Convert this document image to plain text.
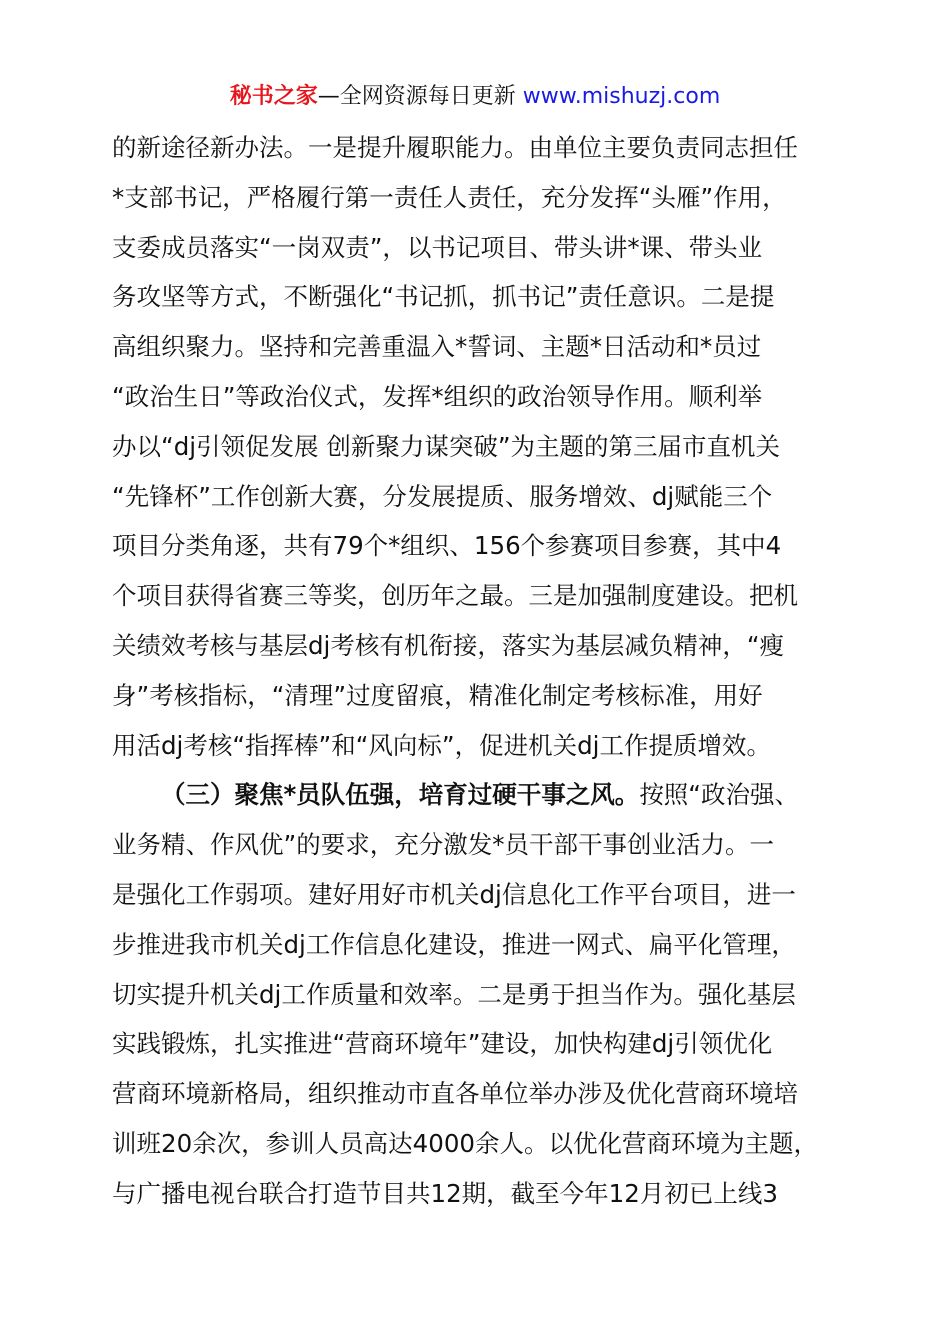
秘书之家—全网资源每日更新 www.mishuzj.com
的新途径新办法。一是提升履职能力。由单位主要负责同志担任
*支部书记，严格履行第一责任人责任，充分发挥“头雁”作用，
支委成员落实“一岗双责”，以书记项目、带头讲*课、带头业
务攻坚等方式，不断强化“书记抓，抓书记”责任意识。二是提
高组织聚力。坚持和完善重温入*誓词、主题*日活动和*员过
“政治生日”等政治仪式，发挥*组织的政治领导作用。顺利举
办以“dj引领促发展 创新聚力谋突破”为主题的第三届市直机关
“先锋杯”工作创新大赛，分发展提质、服务增效、dj赋能三个
项目分类角逐，共有79个*组织、156个参赛项目参赛，其中4
个项目获得省赛三等奖，创历年之最。三是加强制度建设。把机
关绩效考核与基层dj考核有机衔接，落实为基层减负精神，“瘦
身”考核指标，“清理”过度留痕，精准化制定考核标准，用好
用活dj考核“指挥棒”和“风向标”，促进机关dj工作提质增效。
（三）聚焦*员队伍强，培育过硬干事之风。按照“政治强、
业务精、作风优”的要求，充分激发*员干部干事创业活力。一
是强化工作弱项。建好用好市机关dj信息化工作平台项目，进一
步推进我市机关dj工作信息化建设，推进一网式、扁平化管理，
切实提升机关dj工作质量和效率。二是勇于担当作为。强化基层
实践锻炼，扎实推进“营商环境年”建设，加快构建dj引领优化
营商环境新格局，组织推动市直各单位举办涉及优化营商环境培
训班20余次，参训人员高达4000余人。以优化营商环境为主题，
与广播电视台联合打造节目共12期，截至今年12月初已上线3
